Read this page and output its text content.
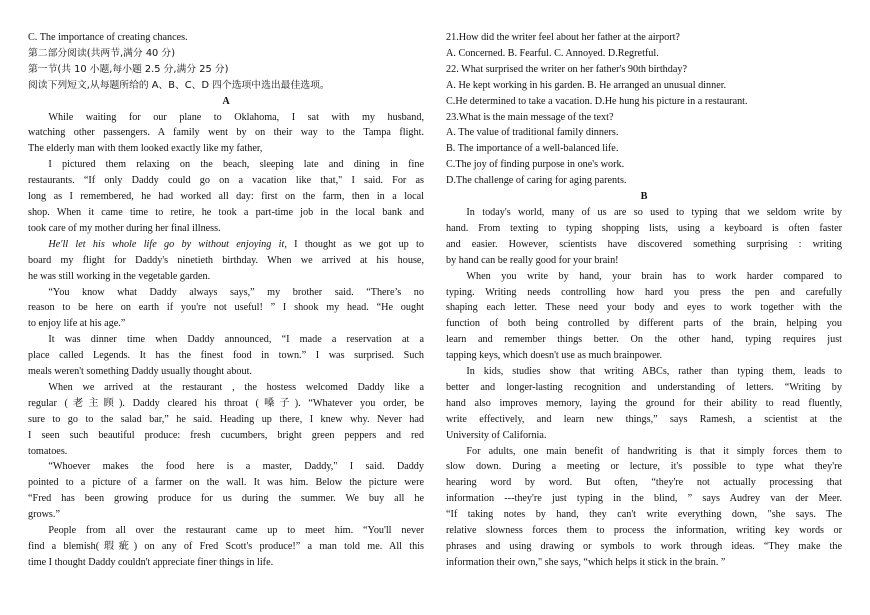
C. The importance of creating chances.
第二部分阅读(共两节,满分 40 分)
第一节(共 10 小题,每小题 2.5 分,满分 25 分)
阅读下列短文,从每题所给的 A、B、C、D 四个选项中选出最佳选项。
A
While waiting for our plane to Oklahoma, I sat with my husband,
watching other passengers. A family went by on their way to the Tampa flight.
The elderly man with them looked exactly like my father,
I pictured them relaxing on the beach, sleeping late and dining in fine
restaurants. “If only Daddy could go on a vacation like that," I said. For as
long as I remembered, he had worked all day: first on the farm, then in a local
shop. When it came time to retire, he took a part-time job in the local bank and
took care of my mother during her final illness.
He'll let his whole life go by without enjoying it, I thought as we got up to
board my flight for Daddy's ninetieth birthday. When we arrived at his house,
he was still working in the vegetable garden.
“You know what Daddy always says,” my brother said. “There’s no
reason to be here on earth if you're not useful! ” I shook my head. “He ought
to enjoy life at his age.”
It was dinner time when Daddy announced, “I made a reservation at a
place called Legends. It has the finest food in town.” I was surprised. Such
meals weren't something Daddy usually thought about.
When we arrived at the restaurant , the hostess welcomed Daddy like a
regular (老主顾). Daddy cleared his throat (嗓子). “Whatever you order, be
sure to go to the salad bar,” he said. Heading up there, I knew why. Never had
I seen such beautiful produce: fresh cucumbers, bright green peppers and red
tomatoes.
“Whoever makes the food here is a master, Daddy," I said. Daddy
pointed to a picture of a farmer on the wall. It was him. Below the picture were
“Fred has been growing produce for us during the summer. We buy all he
grows.”
People from all over the restaurant came up to meet him. “You'll never
find a blemish(瑕疵) on any of Fred Scott's produce!” a man told me. All this
time I thought Daddy couldn't appreciate finer things in life.
21.How did the writer feel about her father at the airport?
A. Concerned. B. Fearful. C. Annoyed. D.Regretful.
22. What surprised the writer on her father's 90th birthday?
A. He kept working in his garden. B. He arranged an unusual dinner.
C.He determined to take a vacation. D.He hung his picture in a restaurant.
23.What is the main message of the text?
A. The value of traditional family dinners.
B. The importance of a well-balanced life.
C.The joy of finding purpose in one's work.
D.The challenge of caring for aging parents.
B
In today's world, many of us are so used to typing that we seldom write by
hand. From texting to typing shopping lists, using a keyboard is often faster
and easier. However, scientists have discovered something surprising : writing
by hand can be really good for your brain!
When you write by hand, your brain has to work harder compared to
typing. Writing needs controlling how hard you press the pen and carefully
shaping each letter. These need your body and eyes to work together with the
function of both being controlled by different parts of the brain, helping you
learn and remember things better. On the other hand, typing requires just
tapping keys, which doesn't use as much brainpower.
In kids, studies show that writing ABCs, rather than typing them, leads to
better and longer-lasting recognition and understanding of letters. “Writing by
hand also improves memory, laying the ground for their ability to read fluently,
write effectively, and learn new things,” says Ramesh, a scientist at the
University of California.
For adults, one main benefit of handwriting is that it simply forces them to
slow down. During a meeting or lecture, it's possible to type what they're
hearing word by word. But often, “they're not actually processing that
information ---they're just typing in the blind, ” says Audrey van der Meer.
“If taking notes by hand, they can't write everything down, "she says. The
relative slowness forces them to process the information, writing key words or
phrases and using drawing or symbols to work through ideas. “They make the
information their own," she says, “which helps it stick in the brain. ”
